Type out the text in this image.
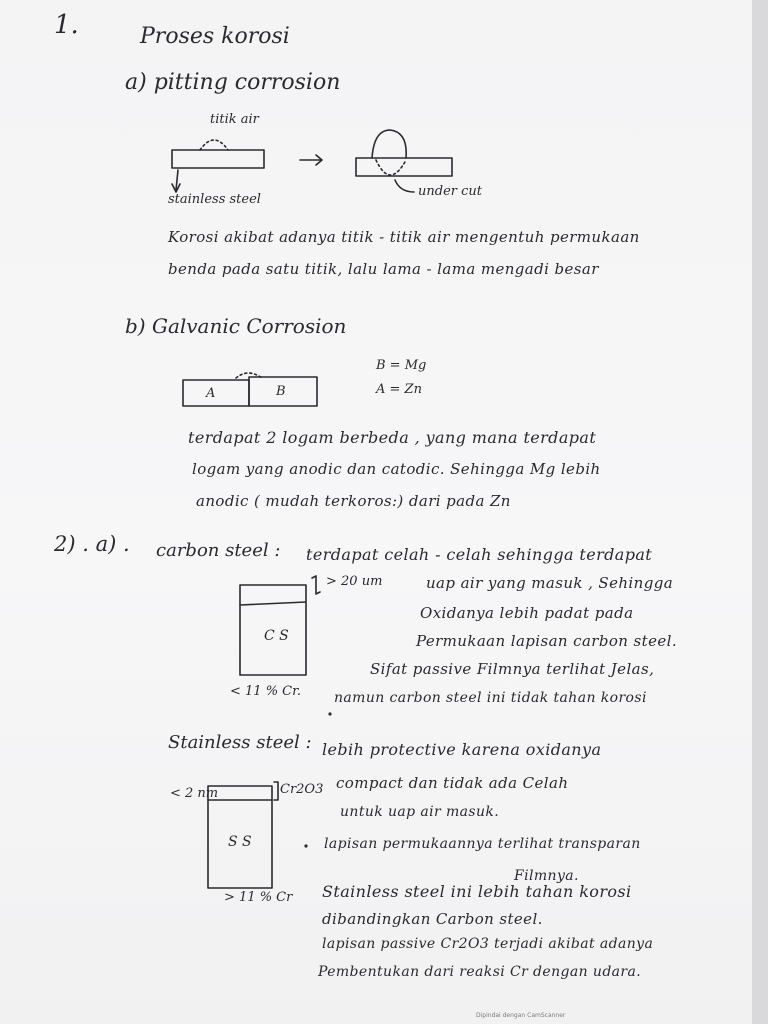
1.	Proses korosi
a) pitting corrosion
titik air
stainless steel
under cut
Korosi akibat adanya titik - titik air mengentuh permukaan
benda pada satu titik, lalu lama - lama mengadi besar
b) Galvanic Corrosion
B = Mg
A = Zn
A	B
terdapat 2 logam berbeda , yang mana terdapat
logam yang anodic dan catodic. Sehingga Mg lebih
anodic ( mudah terkoros:) dari pada Zn
2) . a) . carbon steel : terdapat celah - celah sehingga terdapat
> 20 um	uap air yang masuk , Sehingga
Oxidanya lebih padat pada
Permukaan lapisan carbon steel.
Sifat passive Filmnya terlihat Jelas,
namun carbon steel ini tidak tahan korosi
C S
< 11 % Cr.
Stainless steel : lebih protective karena oxidanya
< 2 nm	Cr2O3 compact dan tidak ada Celah
untuk uap air masuk.
S S	lapisan permukaannya terlihat transparan
Filmnya.
> 11 % Cr Stainless steel ini lebih tahan korosi
dibandingkan Carbon steel.
lapisan passive Cr2O3 terjadi akibat adanya
Pembentukan dari reaksi Cr dengan udara.
Dipindai dengan CamScanner
